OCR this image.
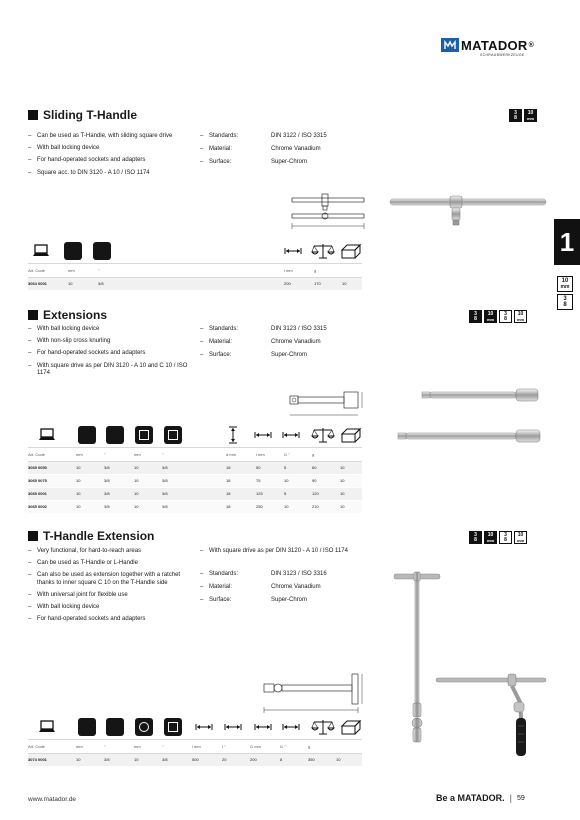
MATADOR ®
SCHRAUBWERKZEUGE
1
10
mm
3
8
Sliding T-Handle	3
8
10
mm
– Can be used as T-Handle, with sliding square drive
– With ball locking device
– For hand-operated sockets and adapters
– Square acc. to DIN 3120 - A 10 / ISO 1174
– Standards:	DIN 3122 / ISO 3315
– Material:	Chrome Vanadium
– Surface:	Super-Chrom
Art. Code	mm	"	l mm	g	
3064 0001	10	3/8	200	170	10
Extensions	3
8
10
mm
3
8
10
mm
– With ball locking device
– With non-slip cross knurling
– For hand-operated sockets and adapters
– With square drive as per DIN 3120 - A 10 and C 10 / ISO 1174
– Standards:	DIN 3123 / ISO 3315
– Material:	Chrome Vanadium
– Surface:	Super-Chrom
Art. Code	mm	"	mm	"	d mm	l mm	l1 "	g	
3065 0050	10	3/8	10	3/8	18	50	5	60	10
3065 0075	10	3/8	10	3/8	18	75	10	90	10
3065 0001	10	3/8	10	3/8	18	125	5	120	10
3065 0002	10	3/8	10	3/8	18	250	10	210	10
T-Handle Extension	3
8
10
mm
3
8
10
mm
– Very functional, for hard-to-reach areas
– Can be used as T-Handle or L-Handle
– Can also be used as extension together with a ratchet thanks to inner square C 10 on the T-Handle side
– With universal joint for flexible use
– With ball locking device
– For hand-operated sockets and adapters
– With square drive as per DIN 3120 - A 10 / ISO 1174
– Standards:	DIN 3123 / ISO 3316
– Material:	Chrome Vanadium
– Surface:	Super-Chrom
Art. Code	mm	"	mm	"	l mm	l "	l1 mm	l1 "	g	
3074 0001	10	3/8	10	3/8	500	20	200	8	350	10
www.matador.de	Be a MATADOR. | 59
